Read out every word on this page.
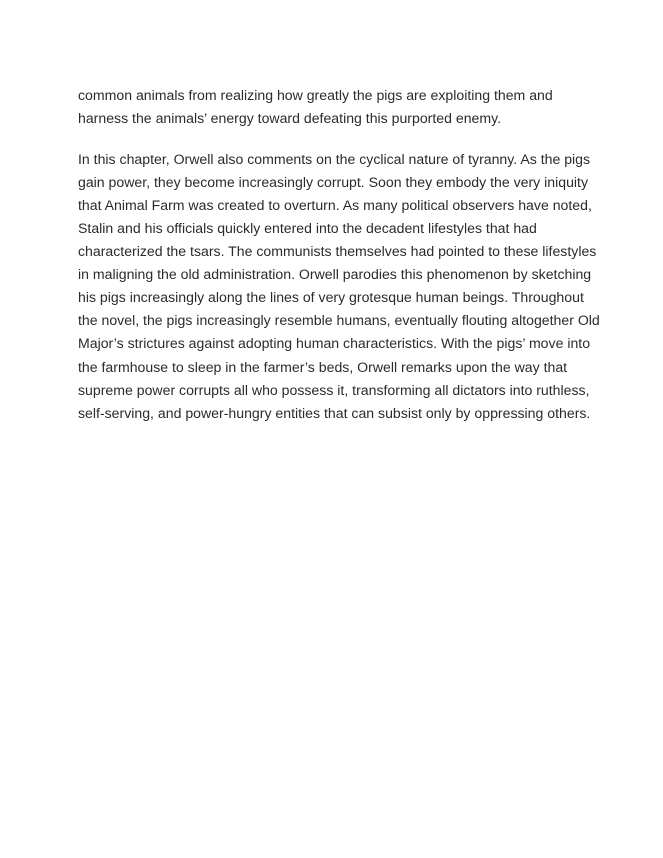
common animals from realizing how greatly the pigs are exploiting them and
harness the animals’ energy toward defeating this purported enemy.

In this chapter, Orwell also comments on the cyclical nature of tyranny. As the pigs
gain power, they become increasingly corrupt. Soon they embody the very iniquity
that Animal Farm was created to overturn. As many political observers have noted,
Stalin and his officials quickly entered into the decadent lifestyles that had
characterized the tsars. The communists themselves had pointed to these lifestyles
in maligning the old administration. Orwell parodies this phenomenon by sketching
his pigs increasingly along the lines of very grotesque human beings. Throughout
the novel, the pigs increasingly resemble humans, eventually flouting altogether Old
Major’s strictures against adopting human characteristics. With the pigs’ move into
the farmhouse to sleep in the farmer’s beds, Orwell remarks upon the way that
supreme power corrupts all who possess it, transforming all dictators into ruthless,
self-serving, and power-hungry entities that can subsist only by oppressing others.
